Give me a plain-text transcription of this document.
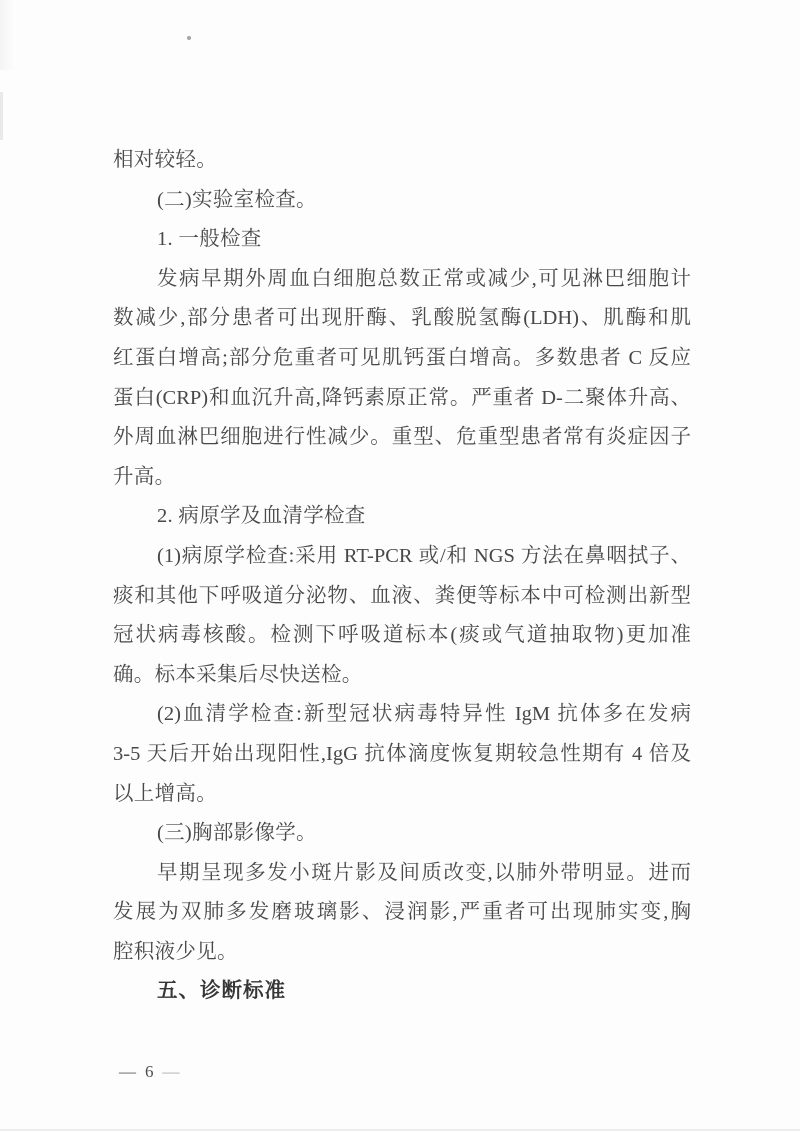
相对较轻。
(二)实验室检查。
1. 一般检查
发病早期外周血白细胞总数正常或减少,可见淋巴细胞计
数减少,部分患者可出现肝酶、乳酸脱氢酶(LDH)、肌酶和肌
红蛋白增高;部分危重者可见肌钙蛋白增高。多数患者 C 反应
蛋白(CRP)和血沉升高,降钙素原正常。严重者 D-二聚体升高、
外周血淋巴细胞进行性减少。重型、危重型患者常有炎症因子
升高。
2. 病原学及血清学检查
(1)病原学检查:采用 RT-PCR 或/和 NGS 方法在鼻咽拭子、
痰和其他下呼吸道分泌物、血液、粪便等标本中可检测出新型
冠状病毒核酸。检测下呼吸道标本(痰或气道抽取物)更加准
确。标本采集后尽快送检。
(2)血清学检查:新型冠状病毒特异性 IgM 抗体多在发病
3-5 天后开始出现阳性,IgG 抗体滴度恢复期较急性期有 4 倍及
以上增高。
(三)胸部影像学。
早期呈现多发小斑片影及间质改变,以肺外带明显。进而
发展为双肺多发磨玻璃影、浸润影,严重者可出现肺实变,胸
腔积液少见。
五、诊断标准
— 6 —
